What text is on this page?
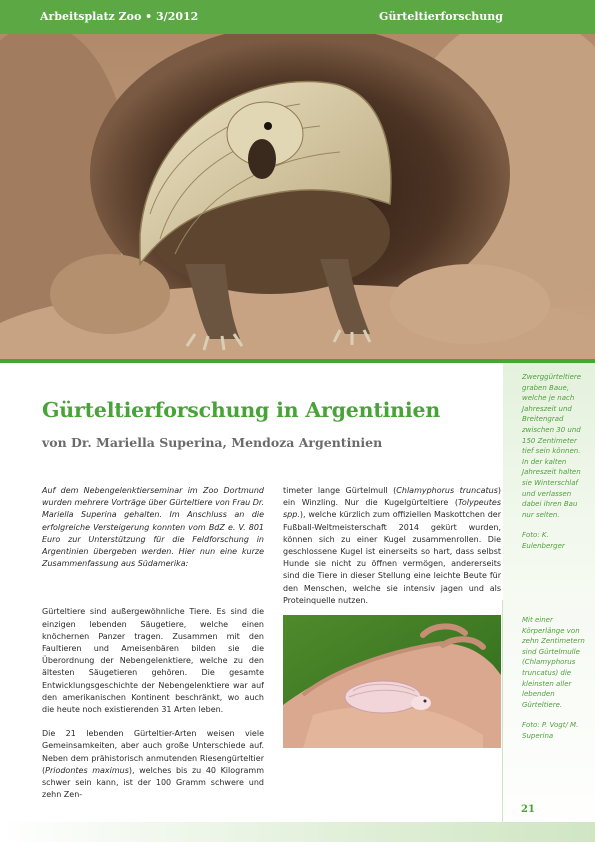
Arbeitsplatz Zoo • 3/2012	Gürteltierforschung
Zwerggürteltiere graben Baue, welche je nach Jahreszeit und Breitengrad zwischen 30 und 150 Zentimeter tief sein können. In der kalten Jahreszeit halten sie Winterschlaf und verlassen dabei ihren Bau nur selten.
Foto: K. Eulenberger
Mit einer Körperlänge von zehn Zentimetern sind Gürtelmulle (Chlamyphorus truncatus) die kleinsten aller lebenden Gürteltiere.
Foto: P. Vogt/ M. Superina
Gürteltierforschung in Argentinien
von Dr. Mariella Superina, Mendoza Argentinien

Auf dem Nebengelenktierseminar im Zoo Dortmund wurden mehrere Vorträge über Gürteltiere von Frau Dr. Mariella Superina gehalten. Im Anschluss an die erfolgreiche Versteigerung konnten vom BdZ e. V. 801 Euro zur Unterstützung für die Feldforschung in Argentinien übergeben werden. Hier nun eine kurze Zusammenfassung aus Südamerika:

Gürteltiere sind außergewöhnliche Tiere. Es sind die einzigen lebenden Säugetiere, welche einen knöchernen Panzer tragen. Zusammen mit den Faultieren und Ameisenbären bilden sie die Überordnung der Nebengelenktiere, welche zu den ältesten Säugetieren gehören. Die gesamte Entwicklungsgeschichte der Nebengelenktiere war auf den amerikanischen Kontinent beschränkt, wo auch die heute noch existierenden 31 Arten leben.

Die 21 lebenden Gürteltier-Arten weisen viele Gemeinsamkeiten, aber auch große Unterschiede auf. Neben dem prähistorisch anmutenden Riesengürteltier (Priodontes maximus), welches bis zu 40 Kilogramm schwer sein kann, ist der 100 Gramm schwere und zehn Zen-

timeter lange Gürtelmull (Chlamyphorus truncatus) ein Winzling. Nur die Kugelgürteltiere (Tolypeutes spp.), welche kürzlich zum offiziellen Maskottchen der Fußball-Weltmeisterschaft 2014 gekürt wurden, können sich zu einer Kugel zusammenrollen. Die geschlossene Kugel ist einerseits so hart, dass selbst Hunde sie nicht zu öffnen vermögen, andererseits sind die Tiere in dieser Stellung eine leichte Beute für den Menschen, welche sie intensiv jagen und als Proteinquelle nutzen.

21
